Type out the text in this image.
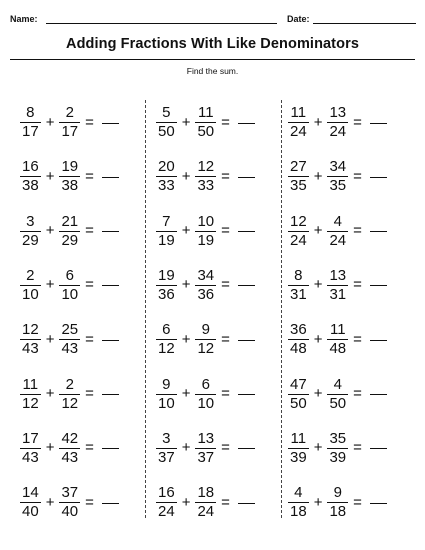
Name:	Date:
Adding Fractions With Like Denominators
Find the sum.
$\frac{8}{17} + \frac{2}{17}$ =
$\frac{16}{38} + \frac{19}{38}$ =
$\frac{3}{29} + \frac{21}{29}$ =
$\frac{2}{10} + \frac{6}{10}$ =
$\frac{12}{43} + \frac{25}{43}$ =
$\frac{11}{12} + \frac{2}{12}$ =
$\frac{17}{43} + \frac{42}{43}$ =
$\frac{14}{40} + \frac{37}{40}$ =
$\frac{5}{50} + \frac{11}{50}$ =
$\frac{20}{33} + \frac{12}{33}$ =
$\frac{7}{19} + \frac{10}{19}$ =
$\frac{19}{36} + \frac{34}{36}$ =
$\frac{6}{12} + \frac{9}{12}$ =
$\frac{9}{10} + \frac{6}{10}$ =
$\frac{3}{37} + \frac{13}{37}$ =
$\frac{16}{24} + \frac{18}{24}$ =
$\frac{11}{24} + \frac{13}{24}$ =
$\frac{27}{35} + \frac{34}{35}$ =
$\frac{12}{24} + \frac{4}{24}$ =
$\frac{8}{31} + \frac{13}{31}$ =
$\frac{36}{48} + \frac{11}{48}$ =
$\frac{47}{50} + \frac{4}{50}$ =
$\frac{11}{39} + \frac{35}{39}$ =
$\frac{4}{18} + \frac{9}{18}$ =
